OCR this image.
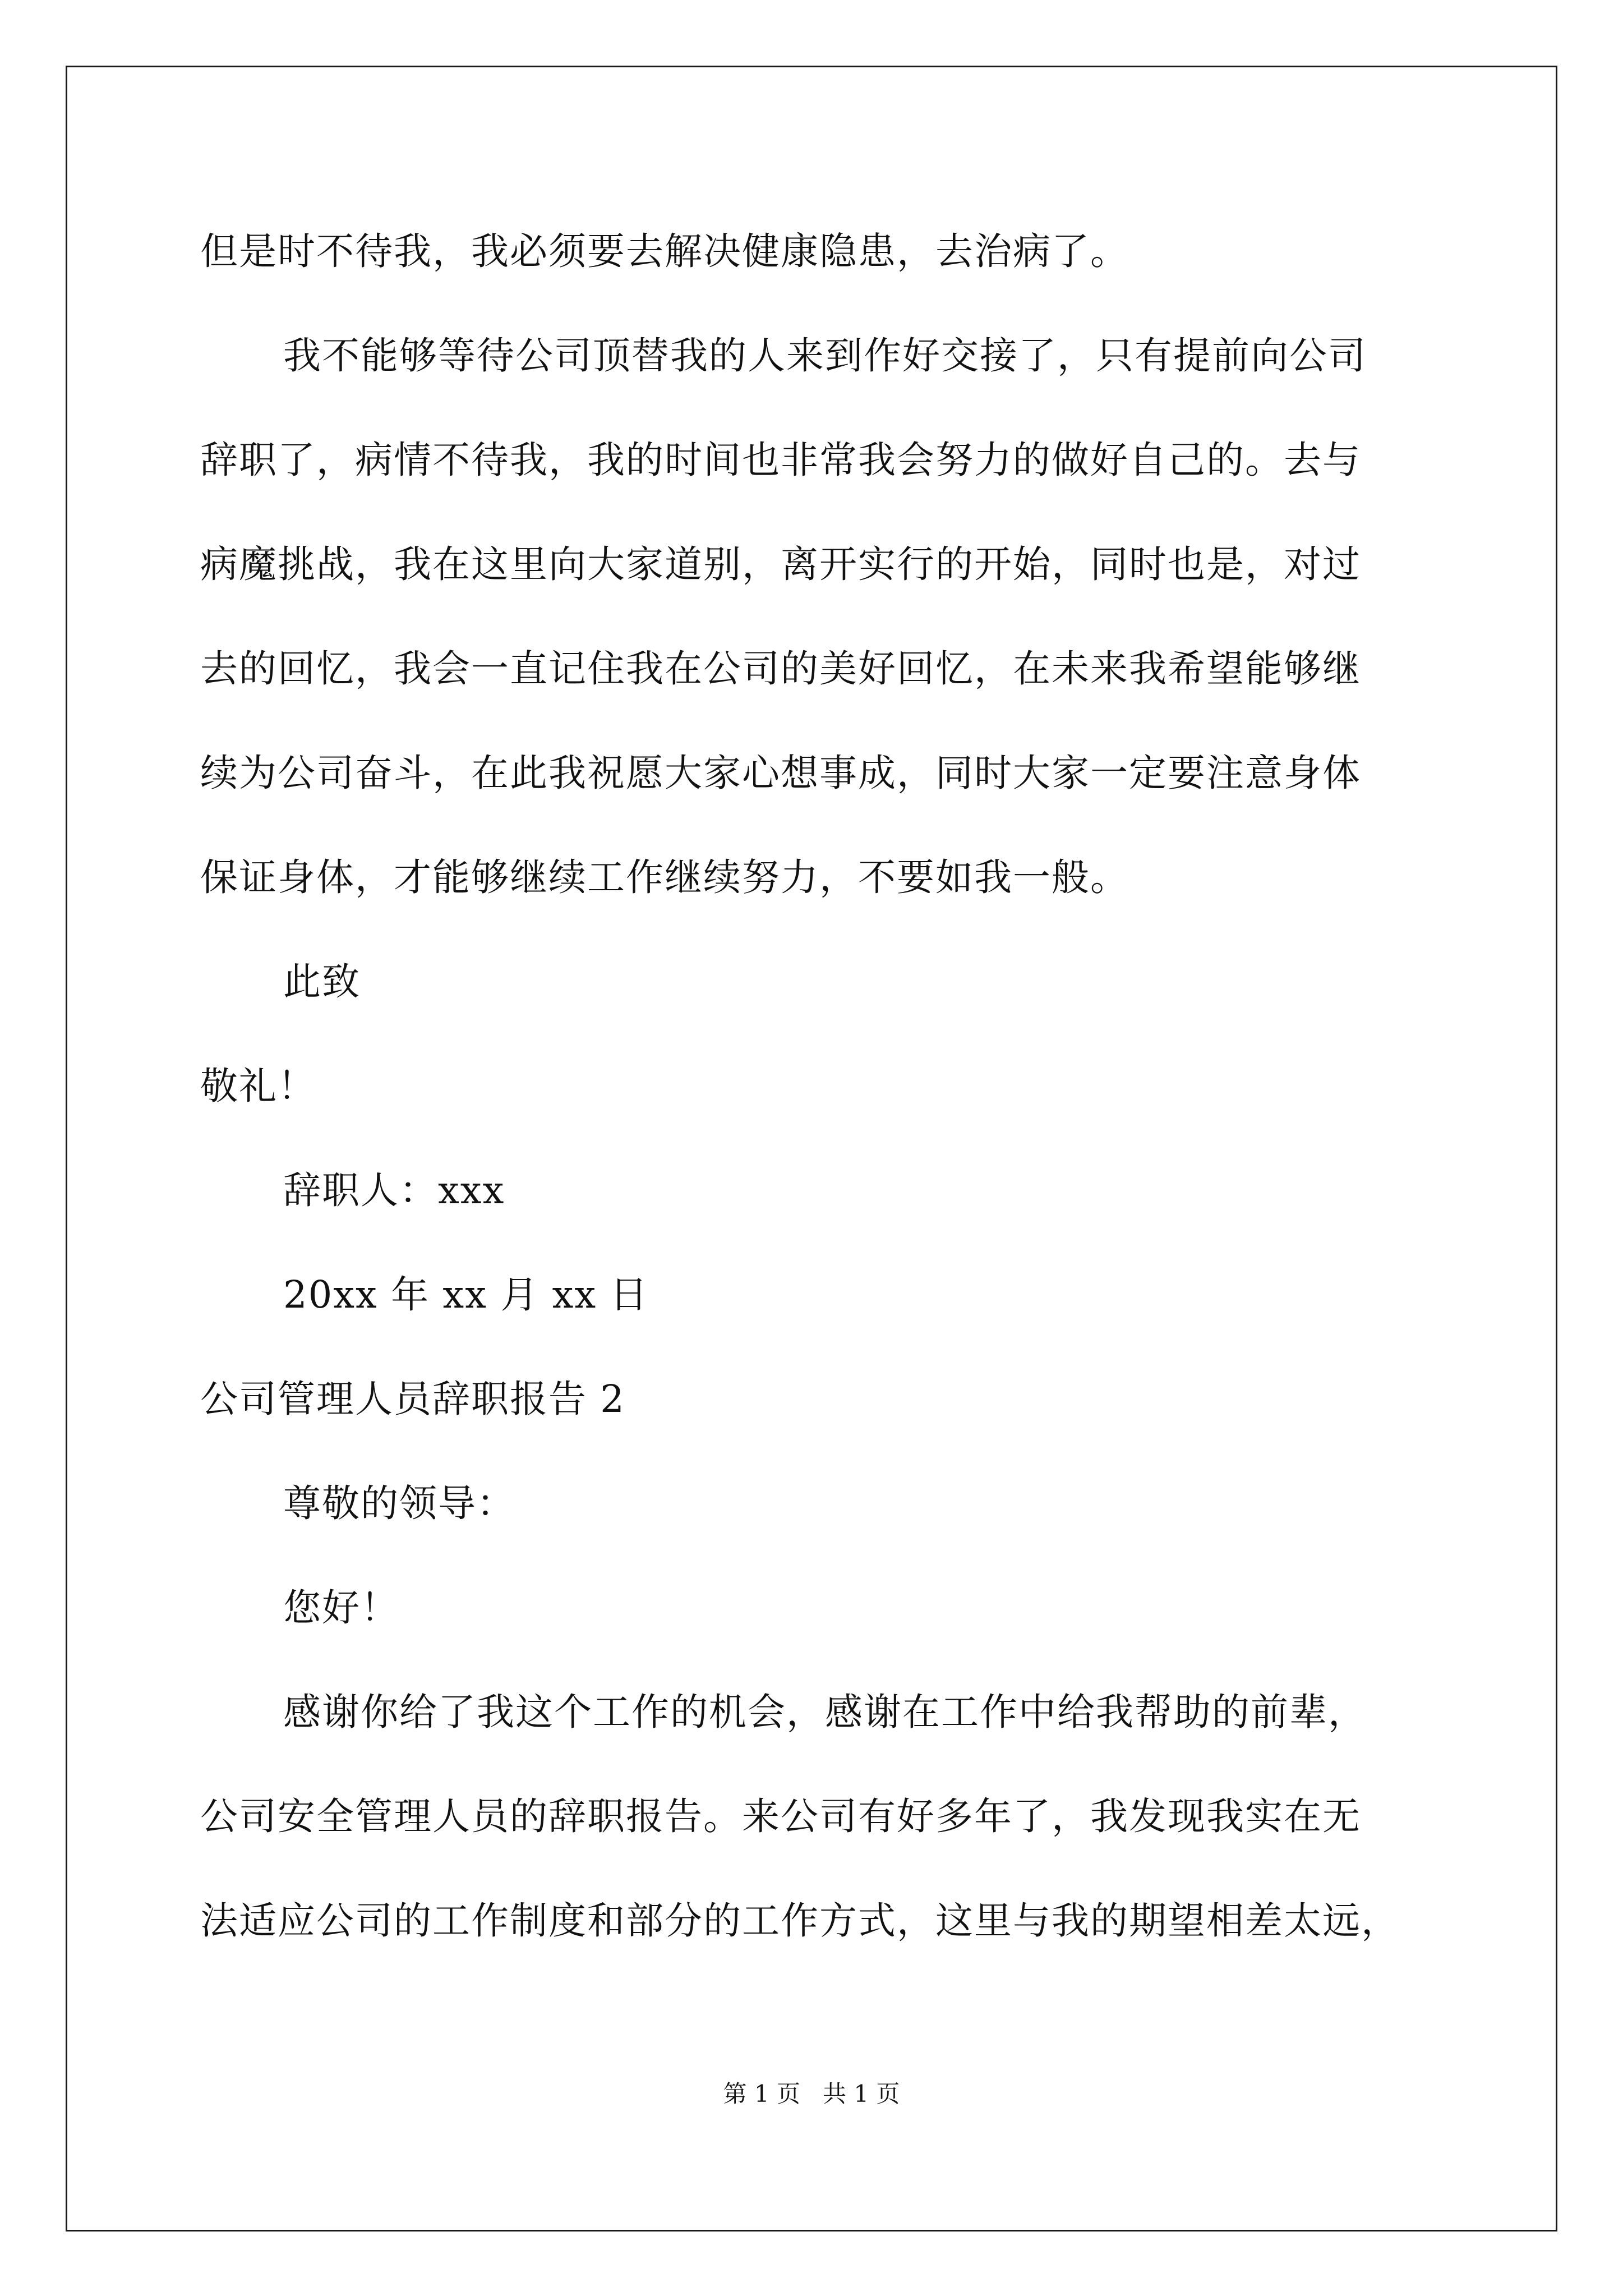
但是时不待我，我必须要去解决健康隐患，去治病了。
我不能够等待公司顶替我的人来到作好交接了，只有提前向公司
辞职了，病情不待我，我的时间也非常我会努力的做好自己的。去与
病魔挑战，我在这里向大家道别，离开实行的开始，同时也是，对过
去的回忆，我会一直记住我在公司的美好回忆，在未来我希望能够继
续为公司奋斗，在此我祝愿大家心想事成，同时大家一定要注意身体
保证身体，才能够继续工作继续努力，不要如我一般。
此致
敬礼！
辞职人：xxx
20xx 年 xx 月 xx 日
公司管理人员辞职报告 2
尊敬的领导：
您好！
感谢你给了我这个工作的机会，感谢在工作中给我帮助的前辈，
公司安全管理人员的辞职报告。来公司有好多年了，我发现我实在无
法适应公司的工作制度和部分的工作方式，这里与我的期望相差太远，
第 1 页 共 1 页
